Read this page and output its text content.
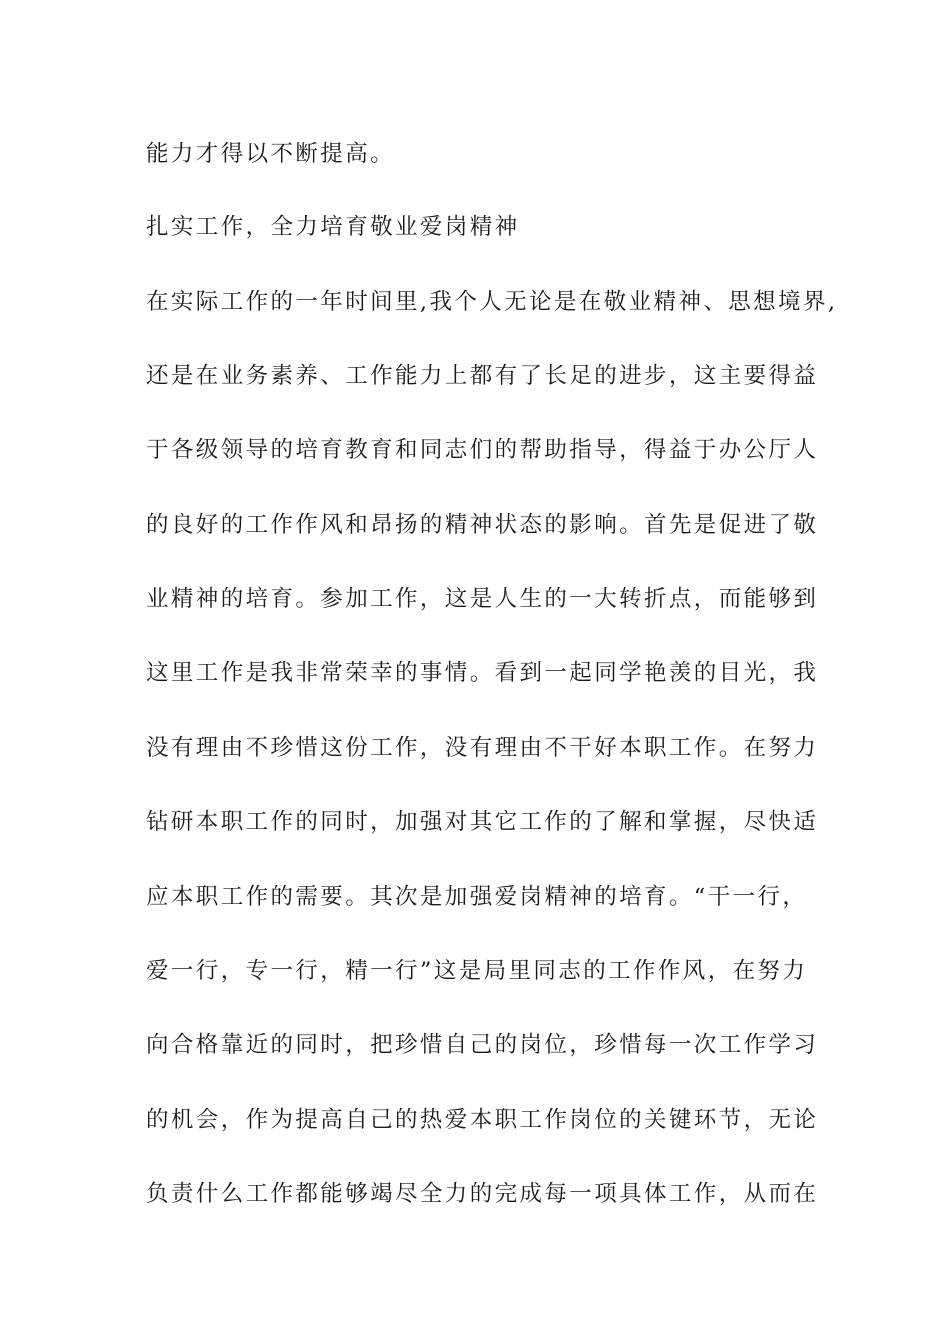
能力才得以不断提高。

扎实工作，全力培育敬业爱岗精神

在实际工作的一年时间里,我个人无论是在敬业精神、思想境界,

还是在业务素养、工作能力上都有了长足的进步，这主要得益

于各级领导的培育教育和同志们的帮助指导，得益于办公厅人

的良好的工作作风和昂扬的精神状态的影响。首先是促进了敬

业精神的培育。参加工作，这是人生的一大转折点，而能够到

这里工作是我非常荣幸的事情。看到一起同学艳羡的目光，我

没有理由不珍惜这份工作，没有理由不干好本职工作。在努力

钻研本职工作的同时，加强对其它工作的了解和掌握，尽快适

应本职工作的需要。其次是加强爱岗精神的培育。“干一行，

爱一行，专一行，精一行”这是局里同志的工作作风，在努力

向合格靠近的同时，把珍惜自己的岗位，珍惜每一次工作学习

的机会，作为提高自己的热爱本职工作岗位的关键环节，无论

负责什么工作都能够竭尽全力的完成每一项具体工作，从而在
